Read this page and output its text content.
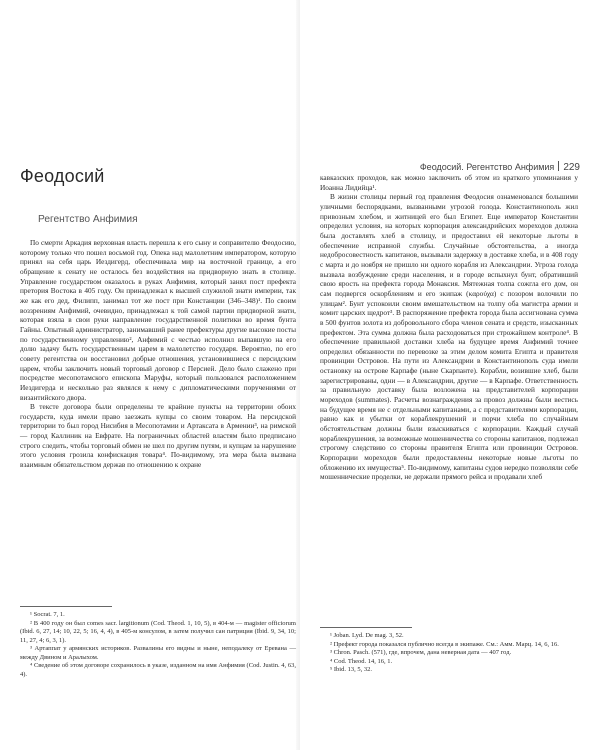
Феодосий
Регентство Анфимия

По смерти Аркадия верховная власть перешла к его сыну и соправителю Феодосию, которому только что пошел восьмой год. Опека над малолетним императором, которую принял на себя царь Иездигерд, обеспечивала мир на восточной границе, а его обращение к сенату не осталось без воздействия на придворную знать в столице. Управление государством оказалось в руках Анфимия, который занял пост префекта претория Востока в 405 году. Он принадлежал к высшей служилой знати империи, так же как его дед, Филипп, занимал тот же пост при Констанции (346–348)¹. По своим воззрениям Анфимий, очевидно, принадлежал к той самой партии придворной знати, которая взяла в свои руки направление государственной политики во время бунта Гайны. Опытный администратор, занимавший ранее префектуры другие высокие посты по государственному управлению², Анфимий с честью исполнил выпавшую на его долю задачу быть государственным царем в малолетство государя. Вероятно, по его совету регентства он восстановил добрые отношения, установившиеся с персидским царем, чтобы заключить новый торговый договор с Персией. Дело было слажено при посредстве месопотамского епископа Маруфы, который пользовался расположением Иездигерда и несколько раз являлся к нему с дипломатическими поручениями от византийского двора.

В тексте договора были определены те крайние пункты на территории обоих государств, куда имели право заезжать купцы со своим товаром. На персидской территории то был город Нисибия в Месопотамии и Артаксата в Армении³, на римской — город Каллиник на Евфрате. На пограничных областей властям было предписано строго следить, чтобы торговый обмен не шел по другим путям, и купцам за нарушение этого условия грозила конфискация товара⁴. По-видимому, эта мера была вызвана взаимным обязательством держав по отношению к охране

¹ Socrat. 7, 1.
² В 400 году он был comes sacr. largitionum (Cod. Theod. 1, 10, 5), в 404-м — magister officiorum (Ibid. 6, 27, 14; 10, 22, 5; 16, 4, 4), в 405-м консулом, в затем получил сан патриция (Ibid. 9, 34, 10; 11, 27, 4; 6, 3, 1).
³ Артаппат у армянских историков. Развалины его видны и ныне, неподалеку от Еревана — между Двином и Аралыхом.
⁴ Сведение об этом договоре сохранилось в указе, изданном на имя Анфимия (Cod. Justin. 4, 63, 4).
Феодосий. Регентство Анфимия 229

кавказских проходов, как можно заключить об этом из краткого упоминания у Иоанна Лидийца¹.

В жизни столицы первый год правления Феодосия ознаменовался большими уличными беспорядками, вызванными угрозой голода. Константинополь жил привозным хлебом, и житницей его был Египет. Еще император Константин определил условия, на которых корпорация александрийских мореходов должна была доставлять хлеб в столицу, и предоставил ей некоторые льготы в обеспечение исправной службы. Случайные обстоятельства, а иногда недобросовестность капитанов, вызывали задержку в доставке хлеба, и в 408 году с марта и до ноября не пришло ни одного корабля из Александрии. Угроза голода вызвала возбуждение среди населения, и в городе вспыхнул бунт, обративший свою ярость на префекта города Монаксия. Мятежная толпа сожгла его дом, он сам подвергся оскорблениям и его экипаж (καρούχα) с позором волочили по улицам². Бунт успокоили своим вмешательством на толпу оба магистра армии и комит царских щедрот³. В распоряжение префекта города была ассигнована сумма в 500 фунтов золота из добровольного сбора членов сената и средств, изысканных префектом. Эта сумма должна была расходоваться при строжайшем контроле⁴. В обеспечение правильной доставки хлеба на будущее время Анфимий точнее определил обязанности по перевозке за этим делом комита Египта и правителя провинции Островов. На пути из Александрии в Константинополь суда имели остановку на острове Карпафе (ныне Скарпанте). Корабли, возившие хлеб, были зарегистрированы, одни — в Александрии, другие — в Карпафе. Ответственность за правильную доставку была возложена на представителей корпорации мореходов (summates). Расчеты вознаграждения за провоз должны были вестись на будущее время не с отдельными капитанами, а с представителями корпорации, равно как и убытки от кораблекрушений и порчи хлеба по случайным обстоятельствам должны были взыскиваться с корпорации. Каждый случай кораблекрушения, за возможные мошенничества со стороны капитанов, подлежал строгому следствию со стороны правителя Египта или провинции Островов. Корпорации мореходов были предоставлены некоторые новые льготы по обложению их имущества⁵. По-видимому, капитаны судов нередко позволяли себе мошеннические проделки, не держали прямого рейса и продавали хлеб

¹ Joban. Lyd. De mag. 3, 52.
² Префект города показался публично всегда в экипаже. См.: Амм. Марц. 14, 6, 16.
³ Chron. Pasch. (571), где, впрочем, дана неверная дата — 407 год.
⁴ Cod. Theod. 14, 16, 1.
⁵ Ibid. 13, 5, 32.
